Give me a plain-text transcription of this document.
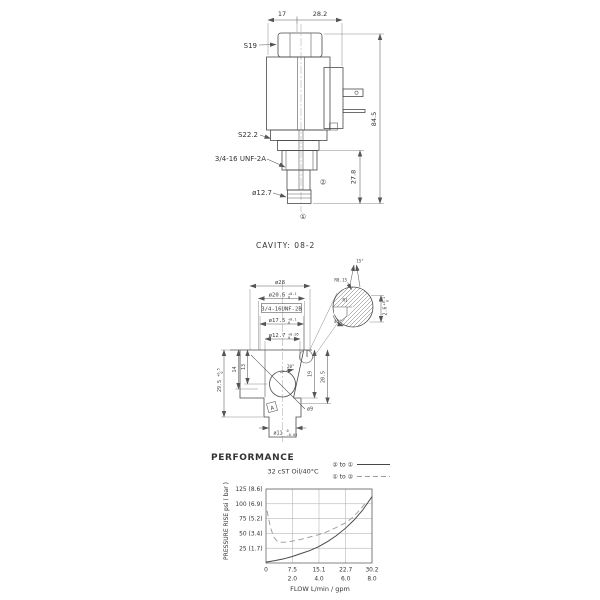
17	28.2
S19
S22.2
3/4-16 UNF-2A
ø12.7
②
①
84.5
27.8
CAVITY: 08-2
ø28
ø20.6 +0.1
0
3/4-16UNF-2B
ø17.5 +0.1
0
ø12.7 +0.05
0
ø9
20°
19 20.5
13
14
29.5
+0.5 0
A
ø11 0
-0.05
15°
R0.15
R1
45°
2.6
+0.1 0
PERFORMANCE
32 cST Oil/40°C
② to ①
① to ②
PRESSURE RISE psi ( bar )
FLOW L/min / gpm
0	7.5	15.1 22.7 30.2
2.0	4.0	6.0	8.0
125 (8.6)
100 (6.9)
75 (5.2)
50 (3.4)
25 (1.7)
